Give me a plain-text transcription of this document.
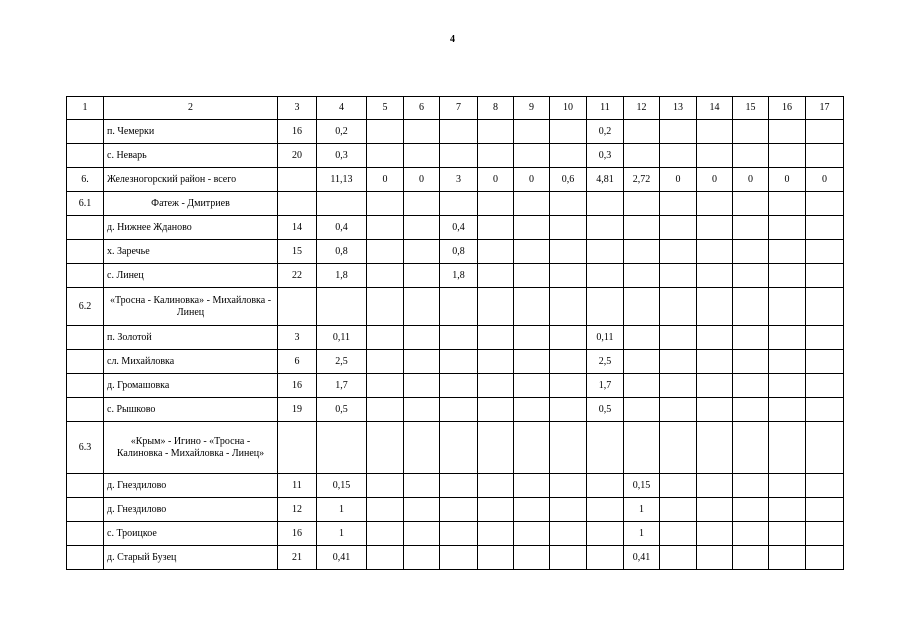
4
1	2	3	4	5	6	7	8	9	10	11	12	13	14	15	16	17
	п. Чемерки	16	0,2							0,2						
	с. Неварь	20	0,3							0,3						
6.	Железногорский район - всего		11,13	0	0	3	0	0	0,6	4,81	2,72	0	0	0	0	0
6.1	Фатеж - Дмитриев															
	д. Нижнее Жданово	14	0,4			0,4										
	х. Заречье	15	0,8			0,8										
	с. Линец	22	1,8			1,8										
6.2	«Тросна - Калиновка» - Михайловка - Линец															
	п. Золотой	3	0,11							0,11						
	сл. Михайловка	6	2,5							2,5						
	д. Громашовка	16	1,7							1,7						
	с. Рышково	19	0,5							0,5						
6.3	«Крым» - Игино - «Тросна - Калиновка - Михайловка - Линец»															
	д. Гнездилово	11	0,15								0,15					
	д. Гнездилово	12	1								1					
	с. Троицкое	16	1								1					
	д. Старый Бузец	21	0,41								0,41					
